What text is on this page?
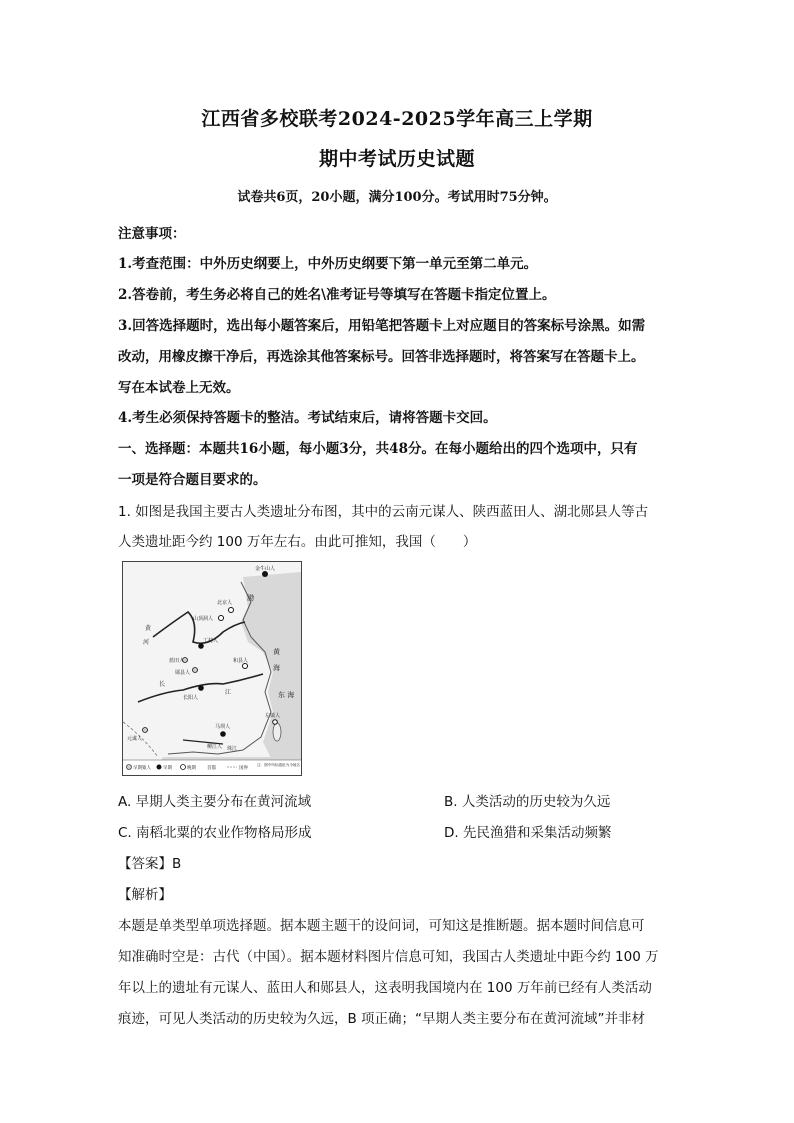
江西省多校联考2024-2025学年高三上学期
期中考试历史试题
试卷共6页，20小题，满分100分。考试用时75分钟。
注意事项：
1.考查范围：中外历史纲要上，中外历史纲要下第一单元至第二单元。
2.答卷前，考生务必将自己的姓名\准考证号等填写在答题卡指定位置上。
3.回答选择题时，选出每小题答案后，用铅笔把答题卡上对应题目的答案标号涂黑。如需
改动，用橡皮擦干净后，再选涂其他答案标号。回答非选择题时，将答案写在答题卡上。
写在本试卷上无效。
4.考生必须保持答题卡的整洁。考试结束后，请将答题卡交回。
一、选择题：本题共16小题，每小题3分，共48分。在每小题给出的四个选项中，只有
一项是符合题目要求的。
1. 如图是我国主要古人类遗址分布图，其中的云南元谋人、陕西蓝田人、湖北郧县人等古
人类遗址距今约 100 万年左右。由此可推知，我国（　　）
金牛山人
北京人
山顶洞人
丁村人
蓝田人
郧县人
和县人
长阳人
元谋人
马坝人
柳江人
左镇人
渤
黄
海
东 海
黄
河
长
江
珠江
早期猿人	早期	晚期 首都	国界
注：图中所标遗址为今地名
A. 早期人类主要分布在黄河流域	B. 人类活动的历史较为久远
C. 南稻北粟的农业作物格局形成	D. 先民渔猎和采集活动频繁
【答案】B
【解析】
本题是单类型单项选择题。据本题主题干的设问词，可知这是推断题。据本题时间信息可
知准确时空是：古代（中国）。据本题材料图片信息可知，我国古人类遗址中距今约 100 万
年以上的遗址有元谋人、蓝田人和郧县人，这表明我国境内在 100 万年前已经有人类活动
痕迹，可见人类活动的历史较为久远，B 项正确；“早期人类主要分布在黄河流域”并非材
